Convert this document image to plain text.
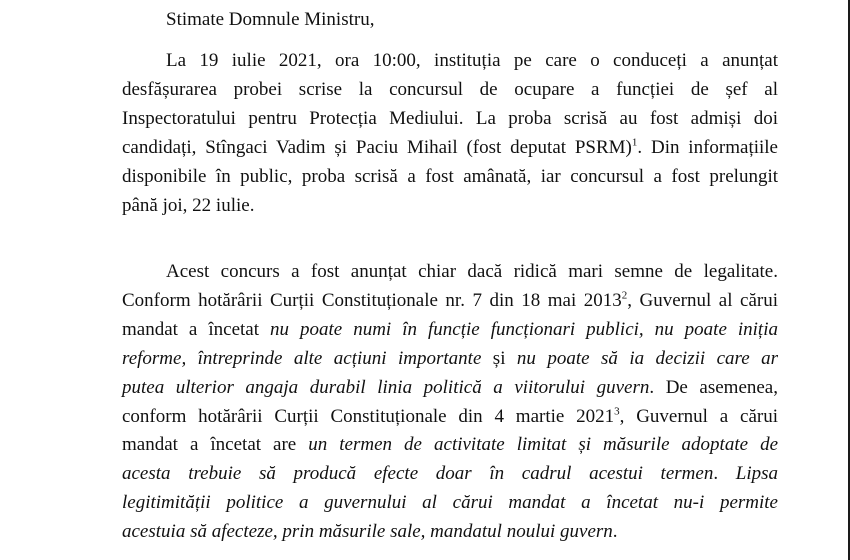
Stimate Domnule Ministru,
La 19 iulie 2021, ora 10:00, instituția pe care o conduceți a anunțat
desfășurarea probei scrise la concursul de ocupare a funcției de șef al
Inspectoratului pentru Protecția Mediului. La proba scrisă au fost admiși doi
candidați, Stîngaci Vadim și Paciu Mihail (fost deputat PSRM)$^1$. Din informațiile
disponibile în public, proba scrisă a fost amânată, iar concursul a fost prelungit
până joi, 22 iulie.
Acest concurs a fost anunțat chiar dacă ridică mari semne de legalitate.
Conform hotărârii Curții Constituționale nr. 7 din 18 mai 2013$^2$, Guvernul al cărui
mandat a încetat nu poate numi în funcție funcționari publici, nu poate iniția
reforme, întreprinde alte acțiuni importante și nu poate să ia decizii care ar
putea ulterior angaja durabil linia politică a viitorului guvern. De asemenea,
conform hotărârii Curții Constituționale din 4 martie 2021$^3$, Guvernul a cărui
mandat a încetat are un termen de activitate limitat și măsurile adoptate de
acesta trebuie să producă efecte doar în cadrul acestui termen. Lipsa
legitimității politice a guvernului al cărui mandat a încetat nu-i permite
acestuia să afecteze, prin măsurile sale, mandatul noului guvern.
